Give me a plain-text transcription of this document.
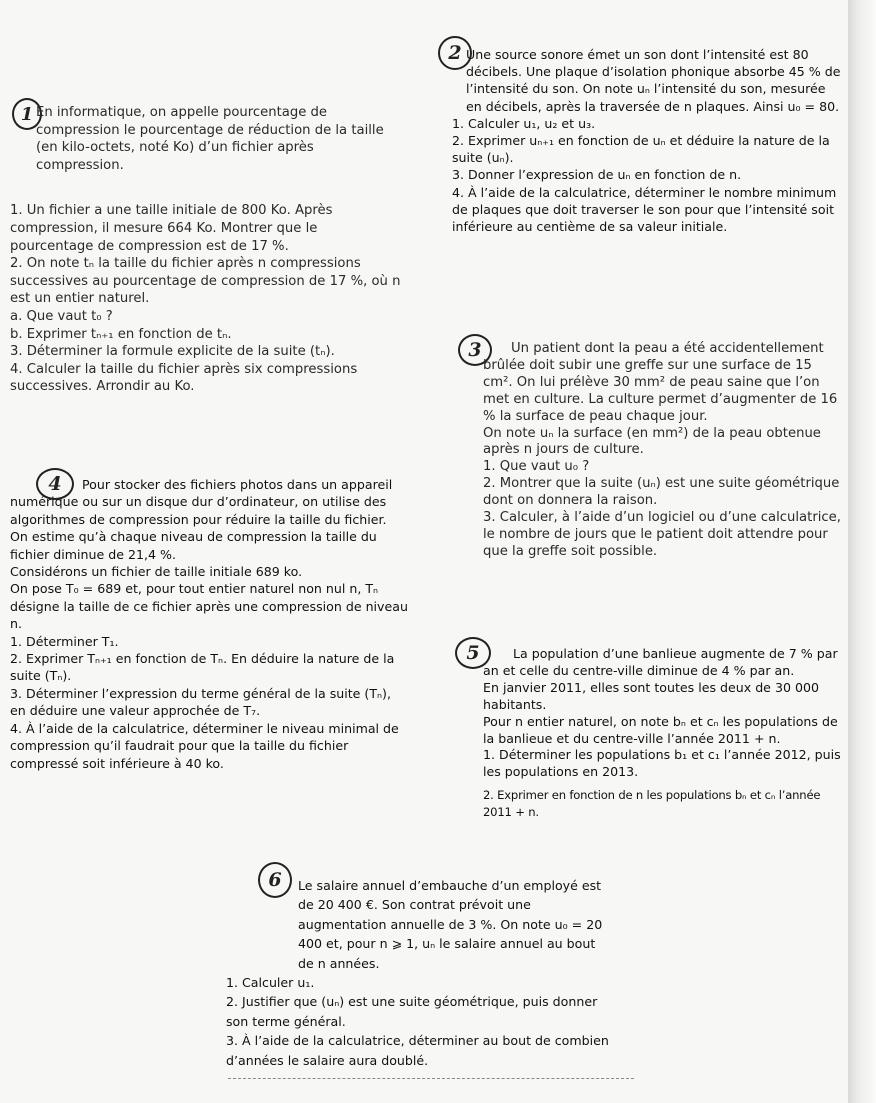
1
2
3
4
5
6

En informatique, on appelle pourcentage de compression le pourcentage de réduction de la taille (en kilo-octets, noté Ko) d’un fichier après compression.

1. Un fichier a une taille initiale de 800 Ko. Après compression, il mesure 664 Ko. Montrer que le pourcentage de compression est de 17 %.

2. On note tₙ la taille du fichier après n compressions successives au pourcentage de compression de 17 %, où n est un entier naturel.

a. Que vaut t₀ ?

b. Exprimer tₙ₊₁ en fonction de tₙ.

3. Déterminer la formule explicite de la suite (tₙ).

4. Calculer la taille du fichier après six compressions successives. Arrondir au Ko.

Une source sonore émet un son dont l’intensité est 80 décibels. Une plaque d’isolation phonique absorbe 45 % de l’intensité du son. On note uₙ l’intensité du son, mesurée en décibels, après la traversée de n plaques. Ainsi u₀ = 80.

1. Calculer u₁, u₂ et u₃.

2. Exprimer uₙ₊₁ en fonction de uₙ et déduire la nature de la suite (uₙ).

3. Donner l’expression de uₙ en fonction de n.

4. À l’aide de la calculatrice, déterminer le nombre minimum de plaques que doit traverser le son pour que l’intensité soit inférieure au centième de sa valeur initiale.

Un patient dont la peau a été accidentellement brûlée doit subir une greffe sur une surface de 15 cm². On lui prélève 30 mm² de peau saine que l’on met en culture. La culture permet d’augmenter de 16 % la surface de peau chaque jour.

On note uₙ la surface (en mm²) de la peau obtenue après n jours de culture.

1. Que vaut u₀ ?

2. Montrer que la suite (uₙ) est une suite géométrique dont on donnera la raison.

3. Calculer, à l’aide d’un logiciel ou d’une calculatrice, le nombre de jours que le patient doit attendre pour que la greffe soit possible.

Pour stocker des fichiers photos dans un appareil numérique ou sur un disque dur d’ordinateur, on utilise des algorithmes de compression pour réduire la taille du fichier.

On estime qu’à chaque niveau de compression la taille du fichier diminue de 21,4 %.

Considérons un fichier de taille initiale 689 ko.

On pose T₀ = 689 et, pour tout entier naturel non nul n, Tₙ désigne la taille de ce fichier après une compression de niveau n.

1. Déterminer T₁.

2. Exprimer Tₙ₊₁ en fonction de Tₙ. En déduire la nature de la suite (Tₙ).

3. Déterminer l’expression du terme général de la suite (Tₙ), en déduire une valeur approchée de T₇.

4. À l’aide de la calculatrice, déterminer le niveau minimal de compression qu’il faudrait pour que la taille du fichier compressé soit inférieure à 40 ko.

La population d’une banlieue augmente de 7 % par an et celle du centre-ville diminue de 4 % par an.

En janvier 2011, elles sont toutes les deux de 30 000 habitants.

Pour n entier naturel, on note bₙ et cₙ les populations de la banlieue et du centre-ville l’année 2011 + n.

1. Déterminer les populations b₁ et c₁ l’année 2012, puis les populations en 2013.

2. Exprimer en fonction de n les populations bₙ et cₙ l’année 2011 + n.

Le salaire annuel d’embauche d’un employé est de 20 400 €. Son contrat prévoit une augmentation annuelle de 3 %. On note u₀ = 20 400 et, pour n ⩾ 1, uₙ le salaire annuel au bout de n années.

1. Calculer u₁.

2. Justifier que (uₙ) est une suite géométrique, puis donner son terme général.

3. À l’aide de la calculatrice, déterminer au bout de combien d’années le salaire aura doublé.
